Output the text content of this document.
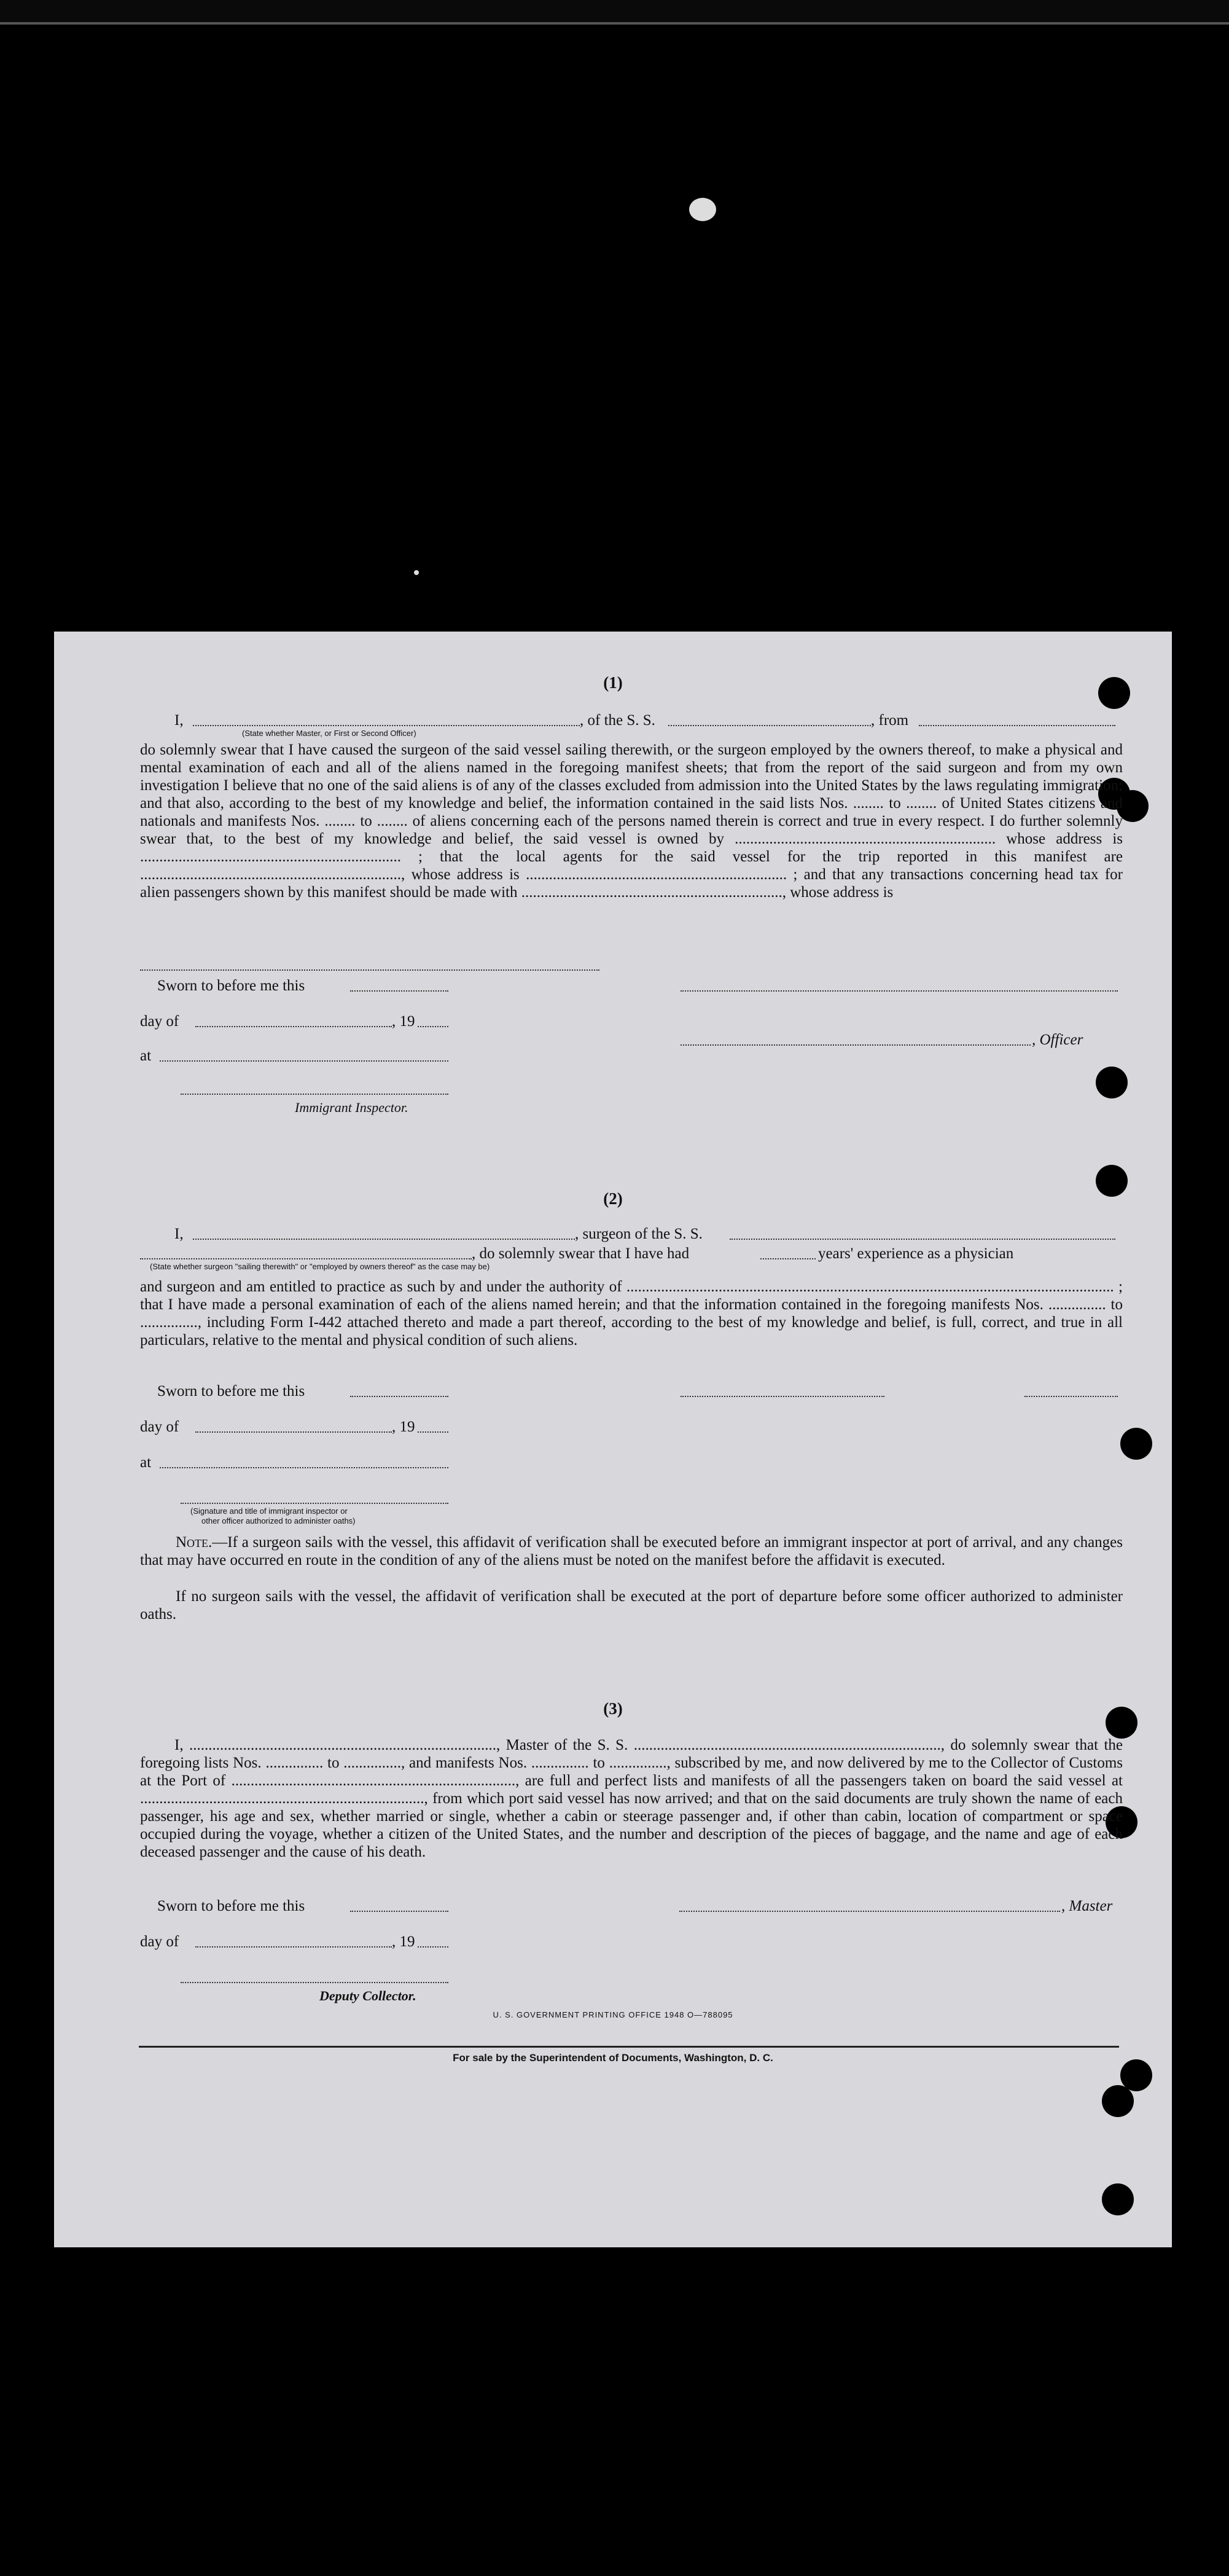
(1)
I,	, of the S. S.	, from
(State whether Master, or First or Second Officer)
do solemnly swear that I have caused the surgeon of the said vessel sailing therewith, or the surgeon employed by the owners thereof, to make a physical and mental examination of each and all of the aliens named in the foregoing manifest sheets; that from the report of the said surgeon and from my own investigation I believe that no one of the said aliens is of any of the classes excluded from admission into the United States by the laws regulating immigration; and that also, according to the best of my knowledge and belief, the information contained in the said lists Nos. ........ to ........ of United States citizens and nationals and manifests Nos. ........ to ........ of aliens concerning each of the persons named therein is correct and true in every respect. I do further solemnly swear that, to the best of my knowledge and belief, the said vessel is owned by .................................................................... whose address is .................................................................... ; that the local agents for the said vessel for the trip reported in this manifest are ...................................................................., whose address is .................................................................... ; and that any transactions concerning head tax for alien passengers shown by this manifest should be made with ...................................................................., whose address is
Sworn to before me this
day of	, 19
, Officer
at
Immigrant Inspector.
(2)
I,	, surgeon of the S. S.
, do solemnly swear that I have had	years' experience as a physician
(State whether surgeon "sailing therewith" or "employed by owners thereof" as the case may be)
and surgeon and am entitled to practice as such by and under the authority of ............................................................................................................................... ; that I have made a personal examination of each of the aliens named herein; and that the information contained in the foregoing manifests Nos. ............... to ..............., including Form I-442 attached thereto and made a part thereof, according to the best of my knowledge and belief, is full, correct, and true in all particulars, relative to the mental and physical condition of such aliens.
Sworn to before me this
day of	, 19
at
(Signature and title of immigrant inspector or
other officer authorized to administer oaths)
Note.—If a surgeon sails with the vessel, this affidavit of verification shall be executed before an immigrant inspector at port of arrival, and any changes that may have occurred en route in the condition of any of the aliens must be noted on the manifest before the affidavit is executed.
If no surgeon sails with the vessel, the affidavit of verification shall be executed at the port of departure before some officer authorized to administer oaths.
(3)
I, ................................................................................, Master of the S. S. ................................................................................, do solemnly swear that the foregoing lists Nos. ............... to ..............., and manifests Nos. ............... to ..............., subscribed by me, and now delivered by me to the Collector of Customs at the Port of .........................................................................., are full and perfect lists and manifests of all the passengers taken on board the said vessel at .........................................................................., from which port said vessel has now arrived; and that on the said documents are truly shown the name of each passenger, his age and sex, whether married or single, whether a cabin or steerage passenger and, if other than cabin, location of compartment or space occupied during the voyage, whether a citizen of the United States, and the number and description of the pieces of baggage, and the name and age of each deceased passenger and the cause of his death.
Sworn to before me this	, Master
day of	, 19
Deputy Collector.
U. S. GOVERNMENT PRINTING OFFICE 1948 O—788095
For sale by the Superintendent of Documents, Washington, D. C.
